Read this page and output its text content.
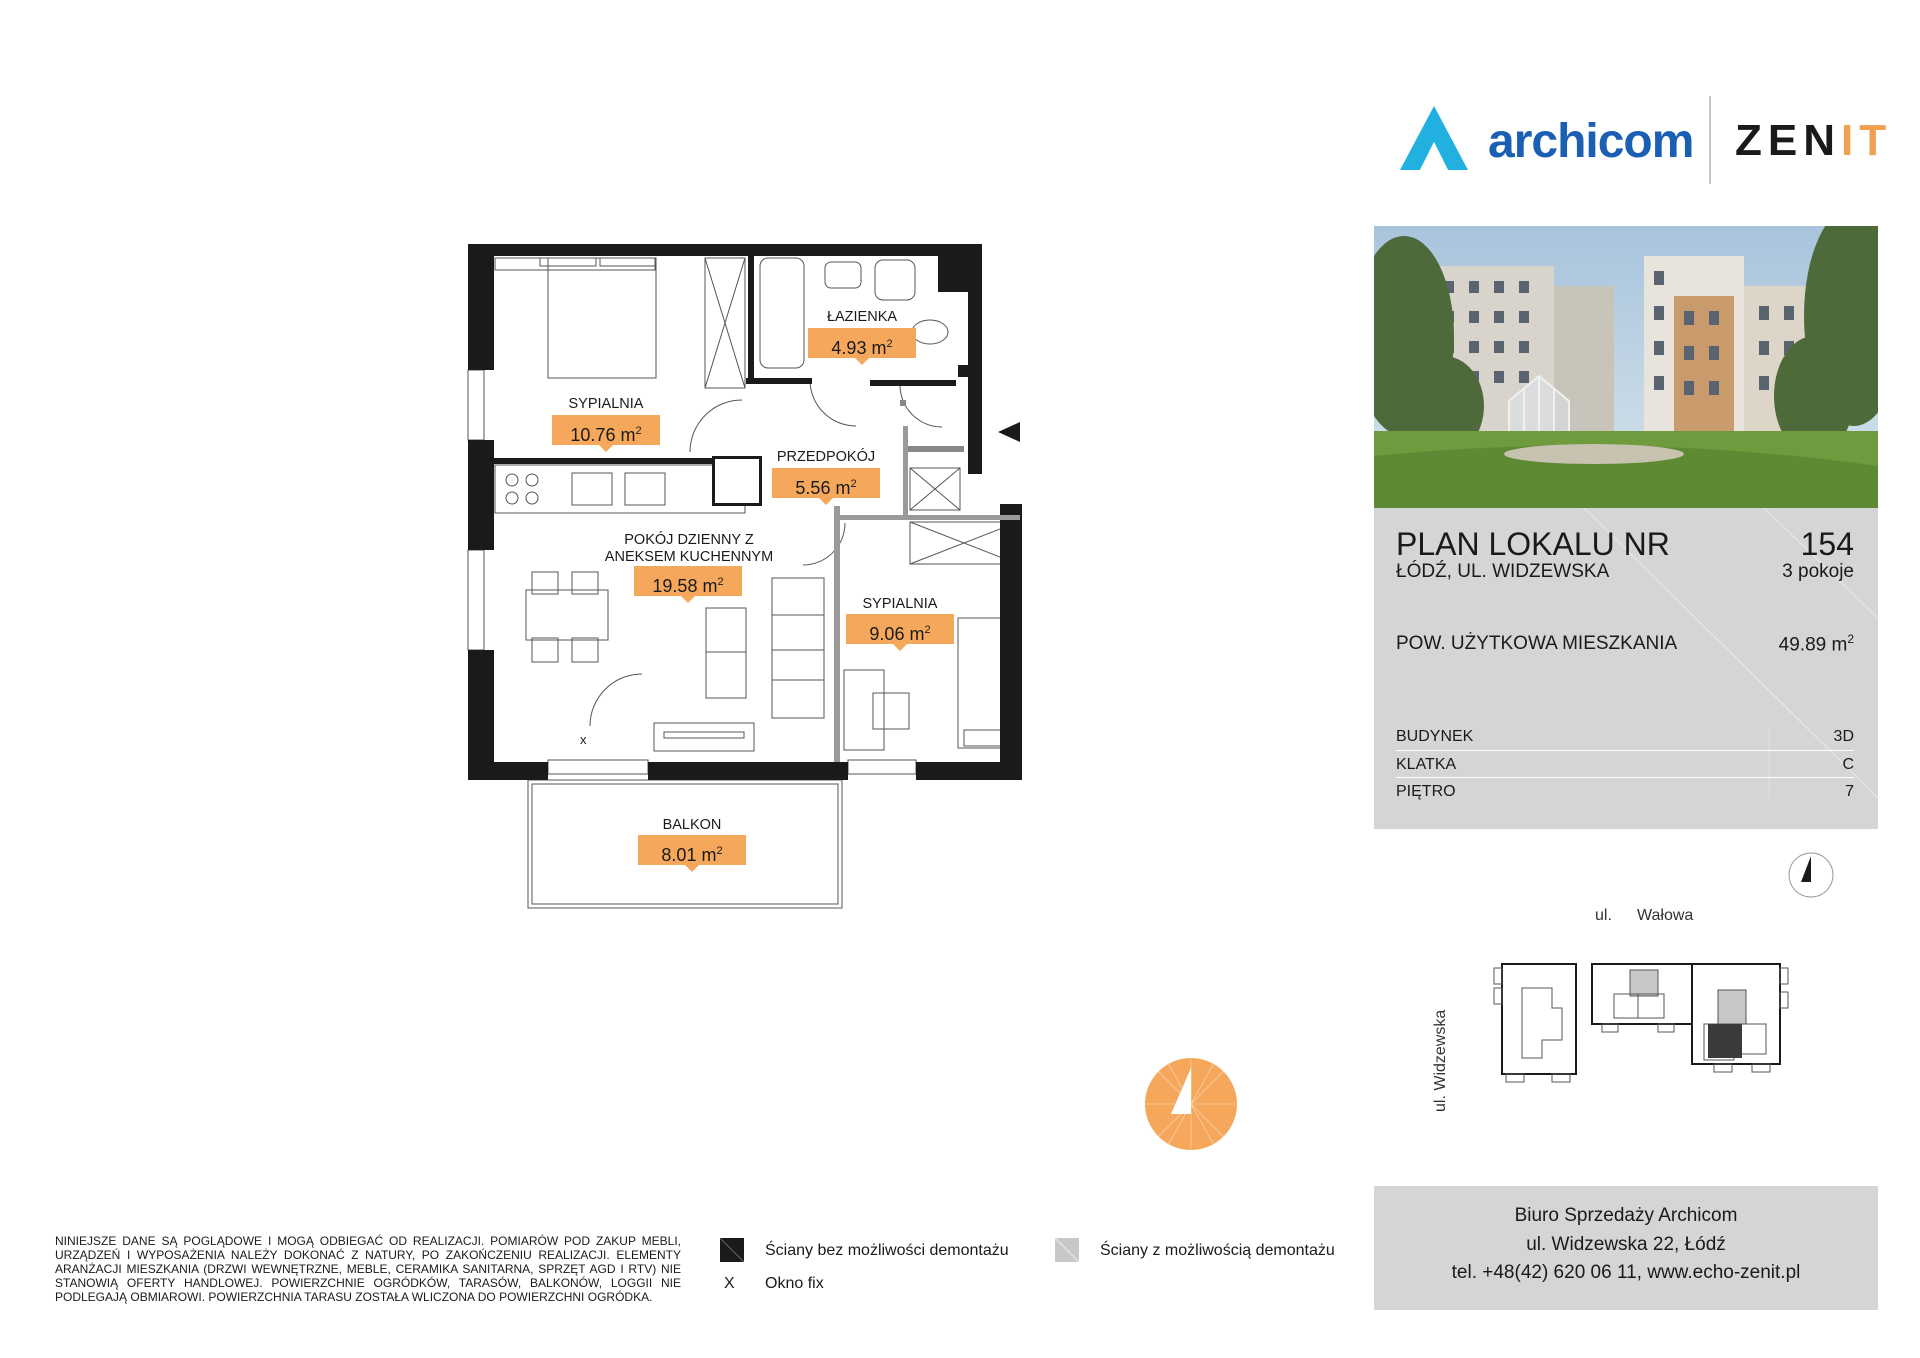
archicom ZENIT
PLAN LOKALU NR	154
ŁÓDŹ, UL. WIDZEWSKA	3 pokoje
POW. UŻYTKOWA MIESZKANIA	49.89 $m^2$
BUDYNEK	3D
KLATKA	C
PIĘTRO	7
SYPIALNIA
10.76 $m^2$
ŁAZIENKA
4.93 $m^2$
PRZEDPOKÓJ
5.56 $m^2$
POKÓJ DZIENNY Z
ANEKSEM KUCHENNYM
19.58 $m^2$
SYPIALNIA
9.06 $m^2$
BALKON
8.01 $m^2$
x
ul. Wałowa
ul. Widzewska
Biuro Sprzedaży Archicom
ul. Widzewska 22, Łódź
tel. +48(42) 620 06 11, www.echo-zenit.pl
NINIEJSZE DANE SĄ POGLĄDOWE I MOGĄ ODBIEGAĆ OD REALIZACJI. POMIARÓW POD ZAKUP MEBLI, URZĄDZEŃ I WYPOSAŻENIA NALEŻY DOKONAĆ Z NATURY, PO ZAKOŃCZENIU REALIZACJI. ELEMENTY ARANŻACJI MIESZKANIA (DRZWI WEWNĘTRZNE, MEBLE, CERAMIKA SANITARNA, SPRZĘT AGD I RTV) NIE STANOWIĄ OFERTY HANDLOWEJ. POWIERZCHNIE OGRÓDKÓW, TARASÓW, BALKONÓW, LOGGII NIE PODLEGAJĄ OBMIAROWI. POWIERZCHNIA TARASU ZOSTAŁA WLICZONA DO POWIERZCHNI OGRÓDKA.
Ściany bez możliwości demontażu	Ściany z możliwością demontażu
X Okno fix
